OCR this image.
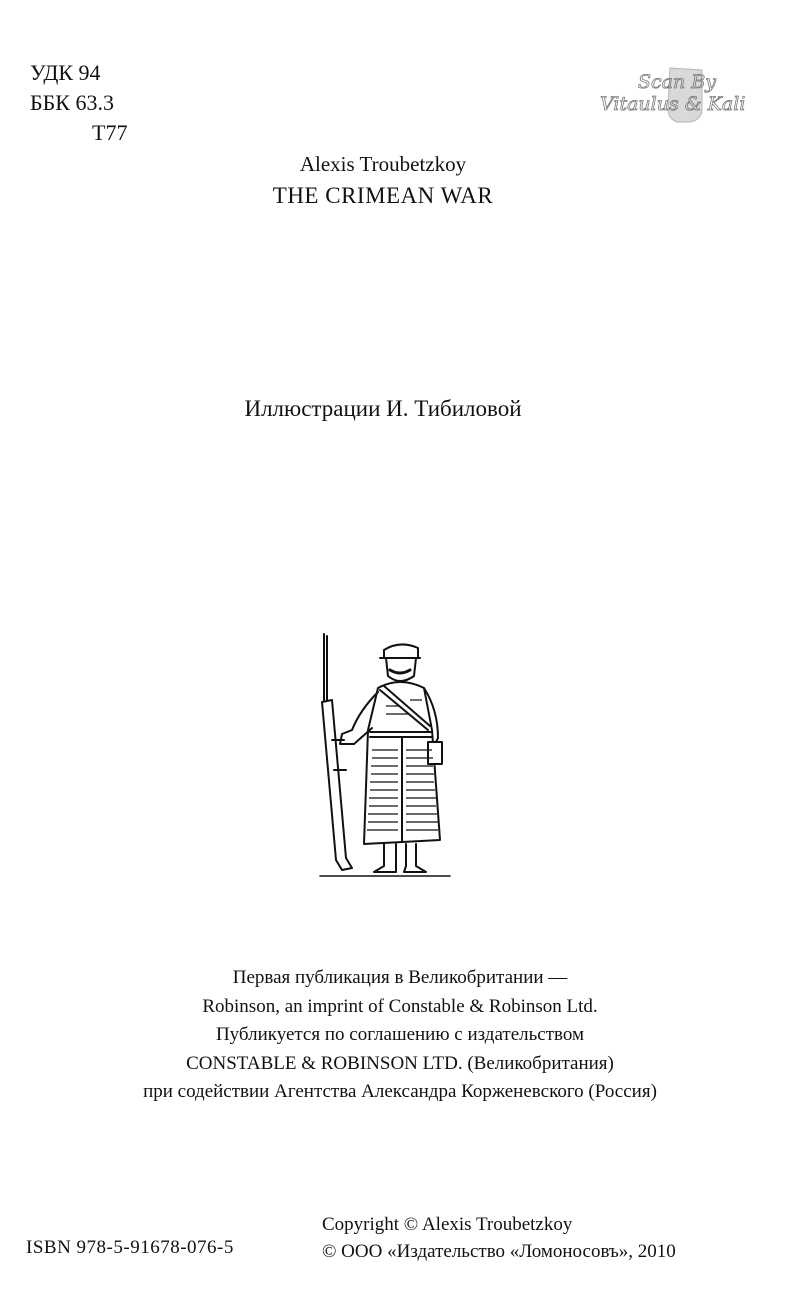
УДК 94
ББК 63.3
Т77
Scan By
Vitaulus & Kali
Alexis Troubetzkoy
THE CRIMEAN WAR
Иллюстрации И. Тибиловой
Первая публикация в Великобритании —
Robinson, an imprint of Constable & Robinson Ltd.
Публикуется по соглашению с издательством
CONSTABLE & ROBINSON LTD. (Великобритания)
при содействии Агентства Александра Корженевского (Россия)
ISBN 978-5-91678-076-5
Copyright © Alexis Troubetzkoy
© ООО «Издательство «Ломоносовъ», 2010
